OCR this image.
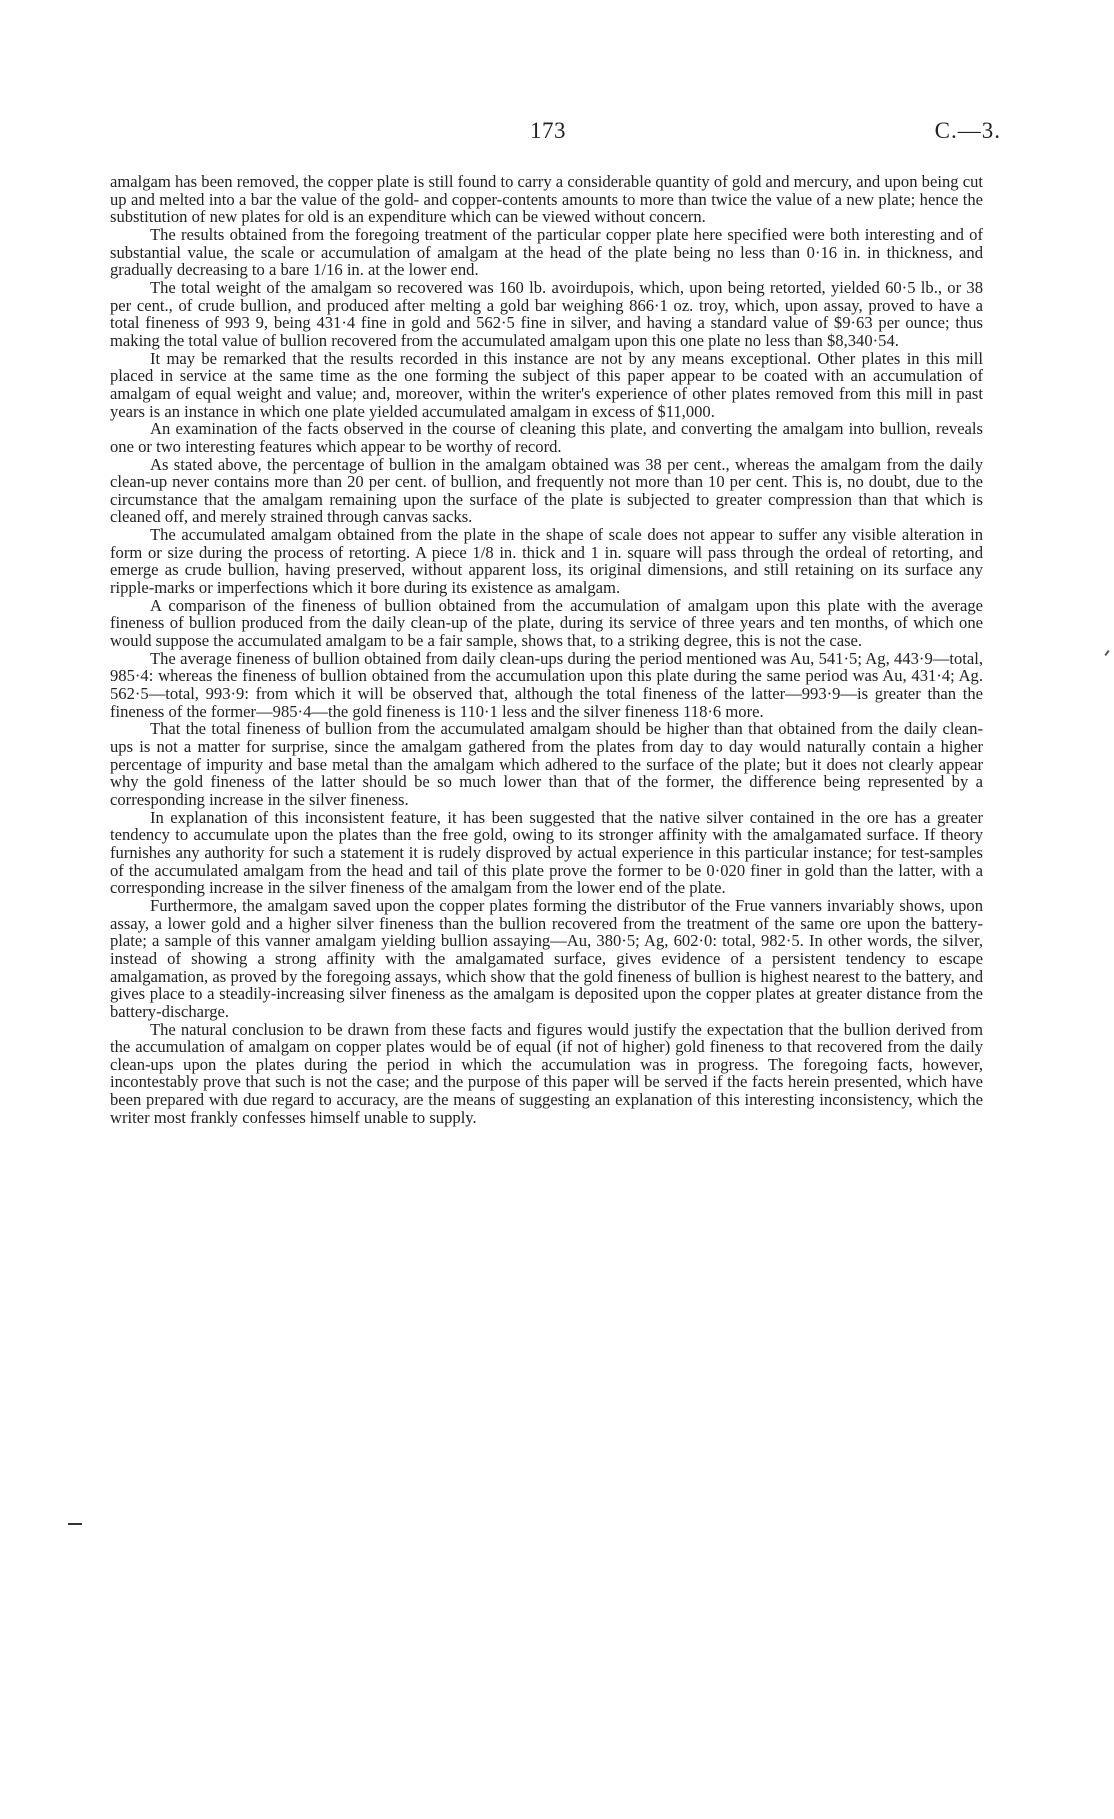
173	C.—3.

amalgam has been removed, the copper plate is still found to carry a considerable quantity of gold and mercury, and upon being cut up and melted into a bar the value of the gold- and copper-contents amounts to more than twice the value of a new plate; hence the substitution of new plates for old is an expenditure which can be viewed without concern.

The results obtained from the foregoing treatment of the particular copper plate here specified were both interesting and of substantial value, the scale or accumulation of amalgam at the head of the plate being no less than 0·16 in. in thickness, and gradually decreasing to a bare 1/16 in. at the lower end.

The total weight of the amalgam so recovered was 160 lb. avoirdupois, which, upon being retorted, yielded 60·5 lb., or 38 per cent., of crude bullion, and produced after melting a gold bar weighing 866·1 oz. troy, which, upon assay, proved to have a total fineness of 993 9, being 431·4 fine in gold and 562·5 fine in silver, and having a standard value of $9·63 per ounce; thus making the total value of bullion recovered from the accumulated amalgam upon this one plate no less than $8,340·54.

It may be remarked that the results recorded in this instance are not by any means exceptional. Other plates in this mill placed in service at the same time as the one forming the subject of this paper appear to be coated with an accumulation of amalgam of equal weight and value; and, moreover, within the writer's experience of other plates removed from this mill in past years is an instance in which one plate yielded accumulated amalgam in excess of $11,000.

An examination of the facts observed in the course of cleaning this plate, and converting the amalgam into bullion, reveals one or two interesting features which appear to be worthy of record.

As stated above, the percentage of bullion in the amalgam obtained was 38 per cent., whereas the amalgam from the daily clean-up never contains more than 20 per cent. of bullion, and frequently not more than 10 per cent. This is, no doubt, due to the circumstance that the amalgam remaining upon the surface of the plate is subjected to greater compression than that which is cleaned off, and merely strained through canvas sacks.

The accumulated amalgam obtained from the plate in the shape of scale does not appear to suffer any visible alteration in form or size during the process of retorting. A piece 1/8 in. thick and 1 in. square will pass through the ordeal of retorting, and emerge as crude bullion, having preserved, without apparent loss, its original dimensions, and still retaining on its surface any ripple-marks or imperfections which it bore during its existence as amalgam.

A comparison of the fineness of bullion obtained from the accumulation of amalgam upon this plate with the average fineness of bullion produced from the daily clean-up of the plate, during its service of three years and ten months, of which one would suppose the accumulated amalgam to be a fair sample, shows that, to a striking degree, this is not the case.

The average fineness of bullion obtained from daily clean-ups during the period mentioned was Au, 541·5; Ag, 443·9—total, 985·4: whereas the fineness of bullion obtained from the accumulation upon this plate during the same period was Au, 431·4; Ag. 562·5—total, 993·9: from which it will be observed that, although the total fineness of the latter—993·9—is greater than the fineness of the former—985·4—the gold fineness is 110·1 less and the silver fineness 118·6 more.

That the total fineness of bullion from the accumulated amalgam should be higher than that obtained from the daily clean-ups is not a matter for surprise, since the amalgam gathered from the plates from day to day would naturally contain a higher percentage of impurity and base metal than the amalgam which adhered to the surface of the plate; but it does not clearly appear why the gold fineness of the latter should be so much lower than that of the former, the difference being represented by a corresponding increase in the silver fineness.

In explanation of this inconsistent feature, it has been suggested that the native silver contained in the ore has a greater tendency to accumulate upon the plates than the free gold, owing to its stronger affinity with the amalgamated surface. If theory furnishes any authority for such a statement it is rudely disproved by actual experience in this particular instance; for test-samples of the accumulated amalgam from the head and tail of this plate prove the former to be 0·020 finer in gold than the latter, with a corresponding increase in the silver fineness of the amalgam from the lower end of the plate.

Furthermore, the amalgam saved upon the copper plates forming the distributor of the Frue vanners invariably shows, upon assay, a lower gold and a higher silver fineness than the bullion recovered from the treatment of the same ore upon the battery-plate; a sample of this vanner amalgam yielding bullion assaying—Au, 380·5; Ag, 602·0: total, 982·5. In other words, the silver, instead of showing a strong affinity with the amalgamated surface, gives evidence of a persistent tendency to escape amalgamation, as proved by the foregoing assays, which show that the gold fineness of bullion is highest nearest to the battery, and gives place to a steadily-increasing silver fineness as the amalgam is deposited upon the copper plates at greater distance from the battery-discharge.

The natural conclusion to be drawn from these facts and figures would justify the expectation that the bullion derived from the accumulation of amalgam on copper plates would be of equal (if not of higher) gold fineness to that recovered from the daily clean-ups upon the plates during the period in which the accumulation was in progress. The foregoing facts, however, incontestably prove that such is not the case; and the purpose of this paper will be served if the facts herein presented, which have been prepared with due regard to accuracy, are the means of suggesting an explanation of this interesting inconsistency, which the writer most frankly confesses himself unable to supply.
